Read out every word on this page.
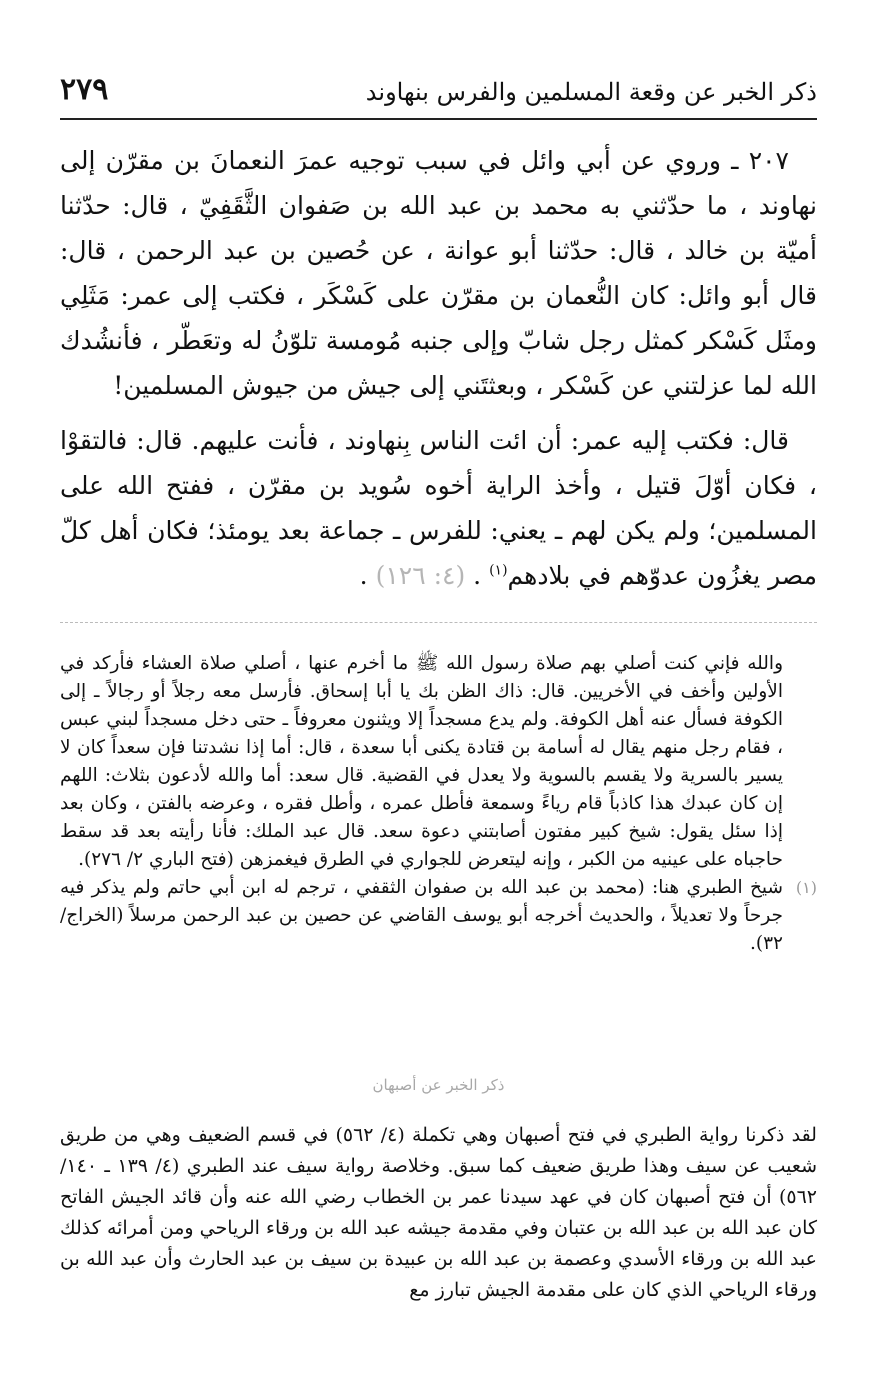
ذكر الخبر عن وقعة المسلمين والفرس بنهاوند
٢٧٩

٢٠٧ ـ وروي عن أبي وائل في سبب توجيه عمرَ النعمانَ بن مقرّن إلى نهاوند ، ما حدّثني به محمد بن عبد الله بن صَفوان الثَّقَفِيّ ، قال: حدّثنا أميّة بن خالد ، قال: حدّثنا أبو عوانة ، عن حُصين بن عبد الرحمن ، قال: قال أبو وائل: كان النُّعمان بن مقرّن على كَسْكَر ، فكتب إلى عمر: مَثَلِي ومثَل كَسْكر كمثل رجل شابّ وإلى جنبه مُومسة تلوّنُ له وتعَطّر ، فأنشُدك الله لما عزلتني عن كَسْكر ، وبعثتَني إلى جيش من جيوش المسلمين!

قال: فكتب إليه عمر: أن ائت الناس بِنهاوند ، فأنت عليهم. قال: فالتقوْا ، فكان أوّلَ قتيل ، وأخذ الراية أخوه سُويد بن مقرّن ، ففتح الله على المسلمين؛ ولم يكن لهم ـ يعني: للفرس ـ جماعة بعد يومئذ؛ فكان أهل كلّ مصر يغزُون عدوّهم في بلادهم$^{(١)}$ . (٤: ١٢٦) .

والله فإني كنت أصلي بهم صلاة رسول الله ﷺ ما أخرم عنها ، أصلي صلاة العشاء فأركد في الأولين وأخف في الأخريين. قال: ذاك الظن بك يا أبا إسحاق. فأرسل معه رجلاً أو رجالاً ـ إلى الكوفة فسأل عنه أهل الكوفة. ولم يدع مسجداً إلا ويثنون معروفاً ـ حتى دخل مسجداً لبني عبس ، فقام رجل منهم يقال له أسامة بن قتادة يكنى أبا سعدة ، قال: أما إذا نشدتنا فإن سعداً كان لا يسير بالسرية ولا يقسم بالسوية ولا يعدل في القضية. قال سعد: أما والله لأدعون بثلاث: اللهم إن كان عبدك هذا كاذباً قام رياءً وسمعة فأطل عمره ، وأطل فقره ، وعرضه بالفتن ، وكان بعد إذا سئل يقول: شيخ كبير مفتون أصابتني دعوة سعد. قال عبد الملك: فأنا رأيته بعد قد سقط حاجباه على عينيه من الكبر ، وإنه ليتعرض للجواري في الطرق فيغمزهن (فتح الباري ٢/ ٢٧٦).

(١)
شيخ الطبري هنا: (محمد بن عبد الله بن صفوان الثقفي ، ترجم له ابن أبي حاتم ولم يذكر فيه جرحاً ولا تعديلاً ، والحديث أخرجه أبو يوسف القاضي عن حصين بن عبد الرحمن مرسلاً (الخراج/ ٣٢).

ذكر الخبر عن أصبهان

لقد ذكرنا رواية الطبري في فتح أصبهان وهي تكملة (٤/ ٥٦٢) في قسم الضعيف وهي من طريق شعيب عن سيف وهذا طريق ضعيف كما سبق. وخلاصة رواية سيف عند الطبري (٤/ ١٣٩ ـ ١٤٠/ ٥٦٢) أن فتح أصبهان كان في عهد سيدنا عمر بن الخطاب رضي الله عنه وأن قائد الجيش الفاتح كان عبد الله بن عبد الله بن عتبان وفي مقدمة جيشه عبد الله بن ورقاء الرياحي ومن أمرائه كذلك عبد الله بن ورقاء الأسدي وعصمة بن عبد الله بن عبيدة بن سيف بن عبد الحارث وأن عبد الله بن ورقاء الرياحي الذي كان على مقدمة الجيش تبارز مع
